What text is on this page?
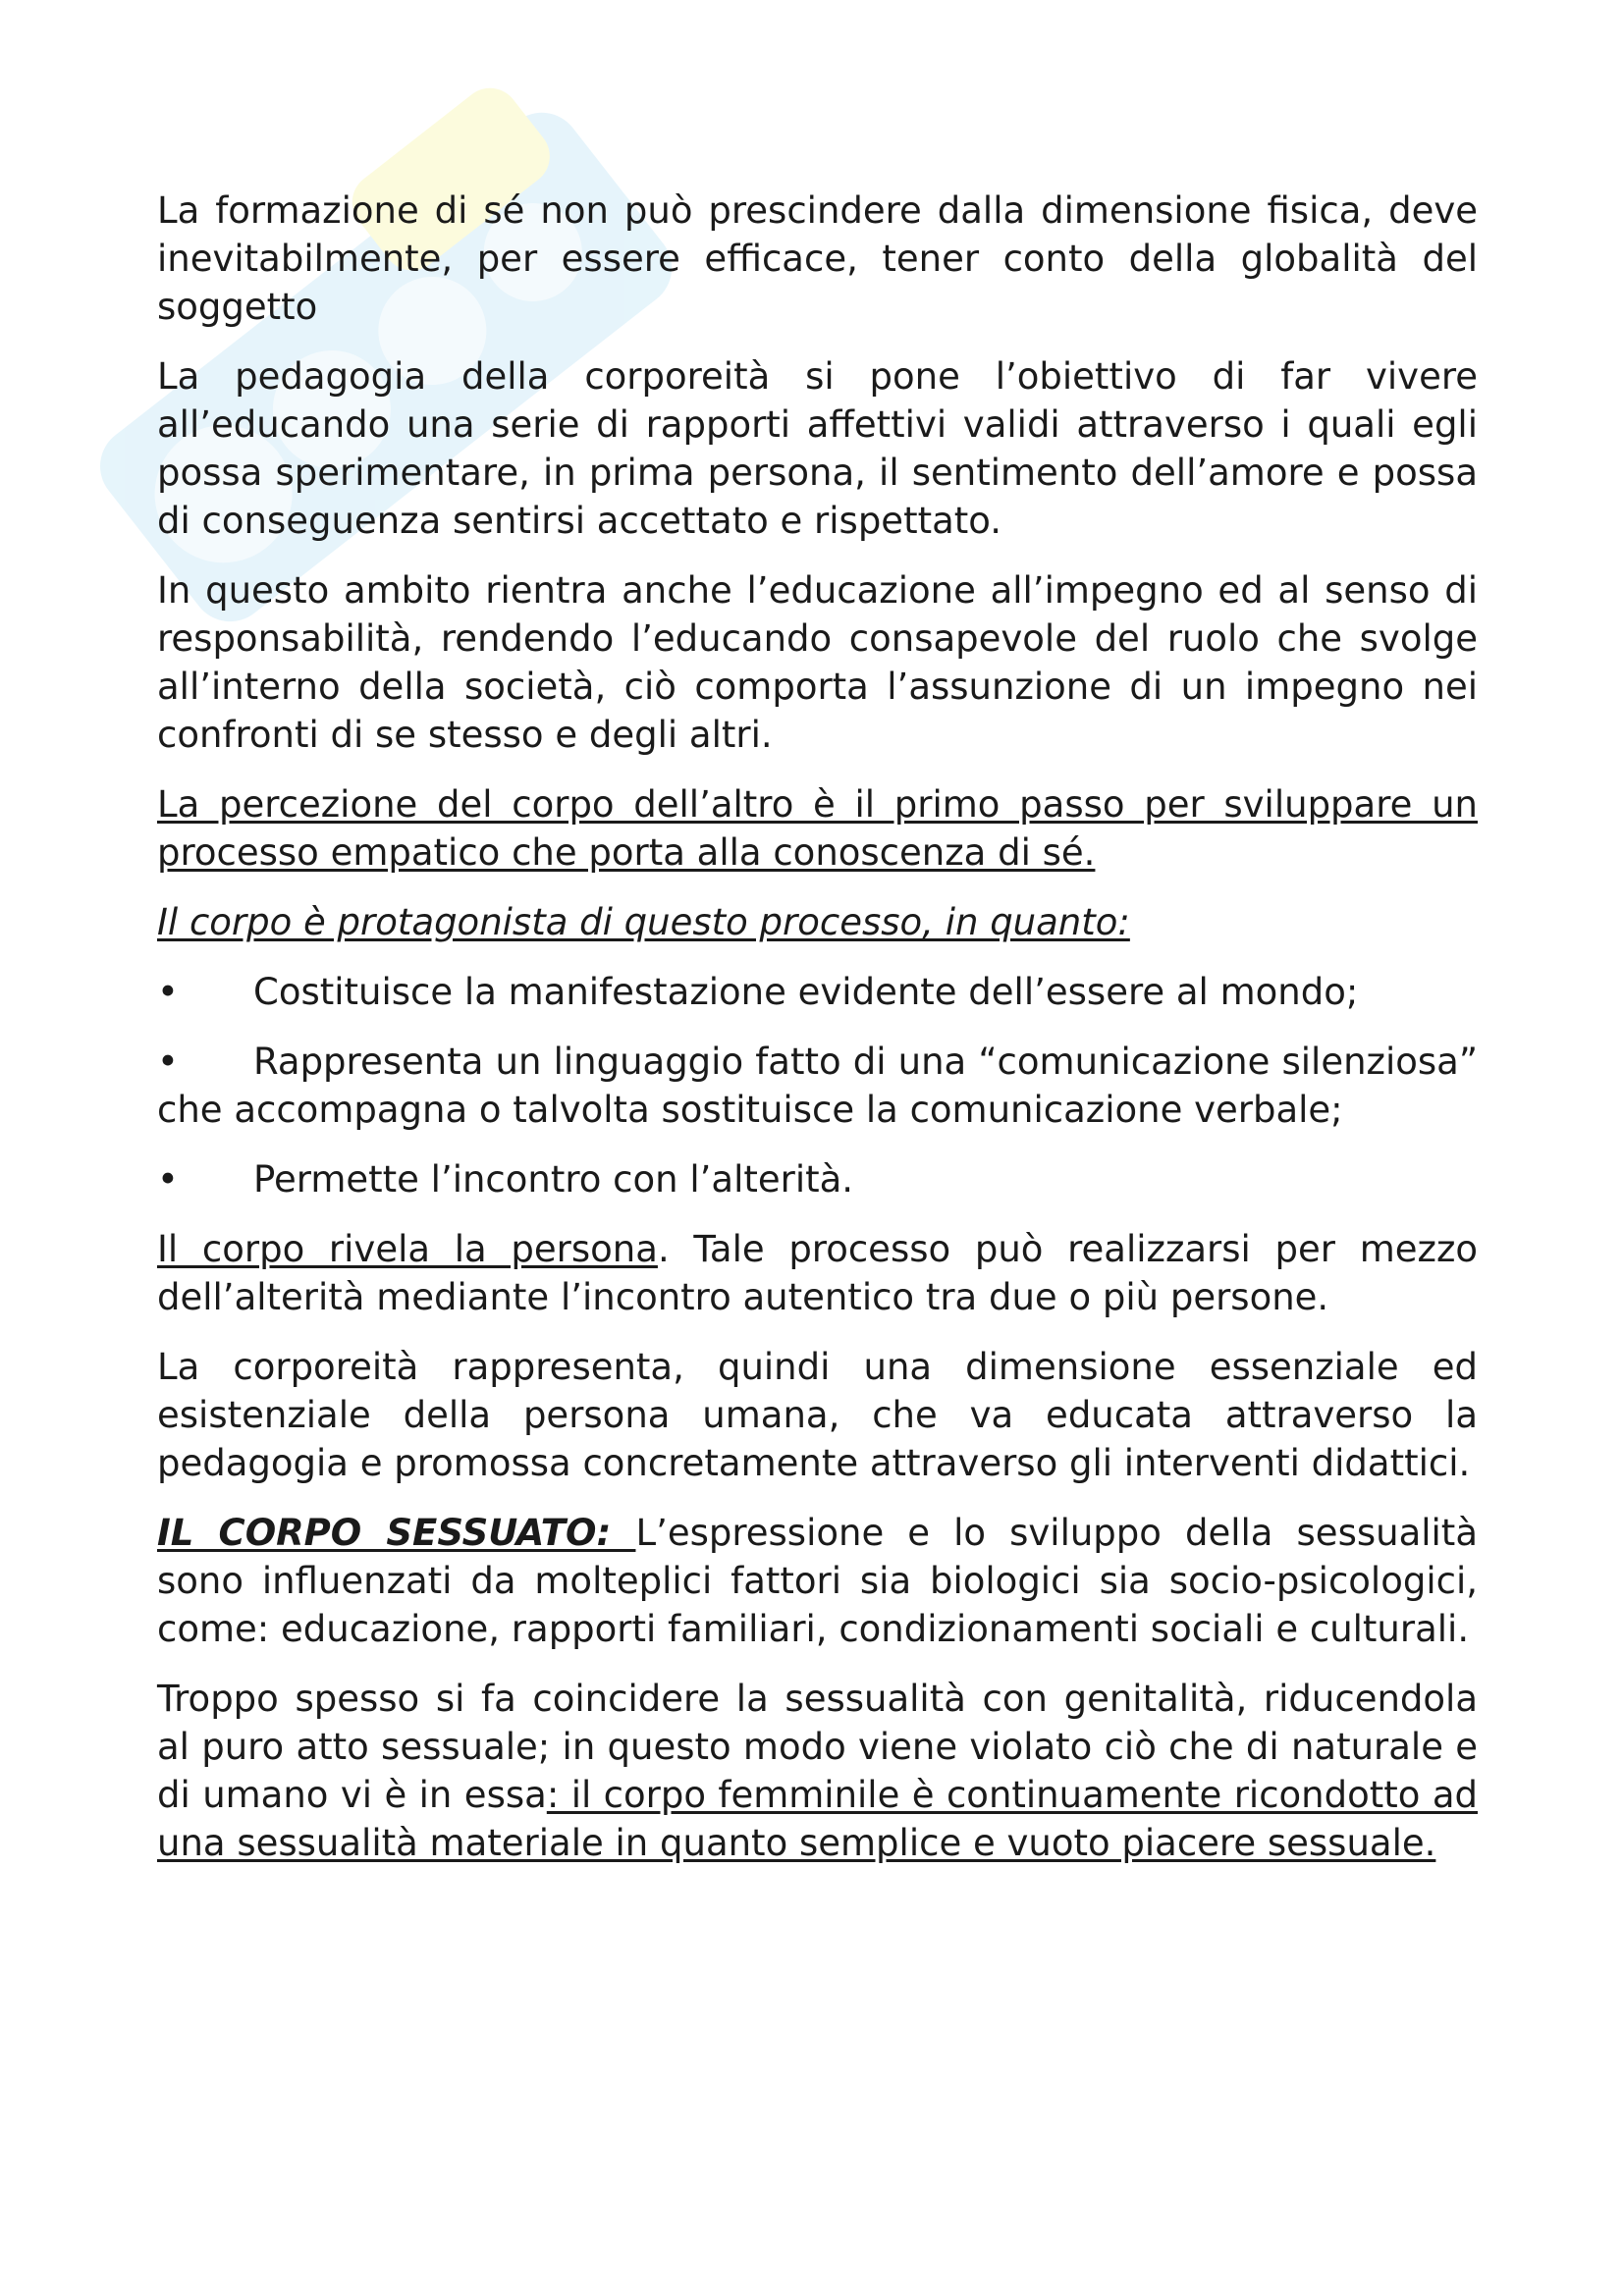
La formazione di sé non può prescindere dalla dimensione fisica, deve inevitabilmente, per essere efficace, tener conto della globalità del soggetto

La pedagogia della corporeità si pone l’obiettivo di far vivere all’educando una serie di rapporti affettivi validi attraverso i quali egli possa sperimentare, in prima persona, il sentimento dell’amore e possa di conseguenza sentirsi accettato e rispettato.

In questo ambito rientra anche l’educazione all’impegno ed al senso di responsabilità, rendendo l’educando consapevole del ruolo che svolge all’interno della società, ciò comporta l’assunzione di un impegno nei confronti di se stesso e degli altri.

La percezione del corpo dell’altro è il primo passo per sviluppare un processo empatico che porta alla conoscenza di sé.

Il corpo è protagonista di questo processo, in quanto:

• Costituisce la manifestazione evidente dell’essere al mondo;
• Rappresenta un linguaggio fatto di una “comunicazione silenziosa” che accompagna o talvolta sostituisce la comunicazione verbale;
• Permette l’incontro con l’alterità.

Il corpo rivela la persona. Tale processo può realizzarsi per mezzo dell’alterità mediante l’incontro autentico tra due o più persone.

La corporeità rappresenta, quindi una dimensione essenziale ed esistenziale della persona umana, che va educata attraverso la pedagogia e promossa concretamente attraverso gli interventi didattici.

IL CORPO SESSUATO: L’espressione e lo sviluppo della sessualità sono influenzati da molteplici fattori sia biologici sia socio-psicologici, come: educazione, rapporti familiari, condizionamenti sociali e culturali.

Troppo spesso si fa coincidere la sessualità con genitalità, riducendola al puro atto sessuale; in questo modo viene violato ciò che di naturale e di umano vi è in essa: il corpo femminile è continuamente ricondotto ad una sessualità materiale in quanto semplice e vuoto piacere sessuale.
